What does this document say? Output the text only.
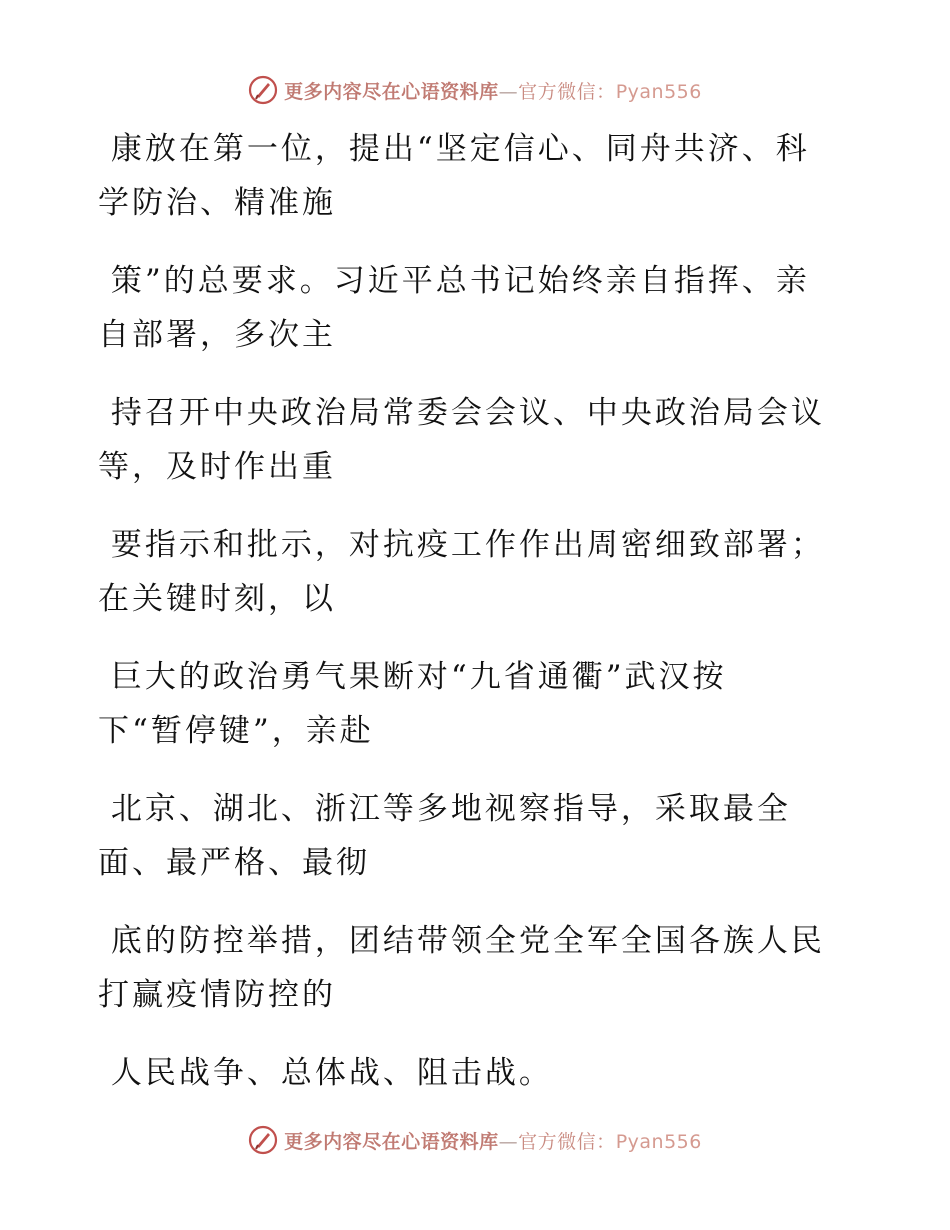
更多内容尽在心语资料库—官方微信：Pyan556

康放在第一位，提出“坚定信心、同舟共济、科
学防治、精准施

策”的总要求。习近平总书记始终亲自指挥、亲
自部署，多次主

持召开中央政治局常委会会议、中央政治局会议
等，及时作出重

要指示和批示，对抗疫工作作出周密细致部署；
在关键时刻，以

巨大的政治勇气果断对“九省通衢”武汉按
下“暂停键”，亲赴

北京、湖北、浙江等多地视察指导，采取最全
面、最严格、最彻

底的防控举措，团结带领全党全军全国各族人民
打赢疫情防控的

人民战争、总体战、阻击战。

更多内容尽在心语资料库—官方微信：Pyan556
